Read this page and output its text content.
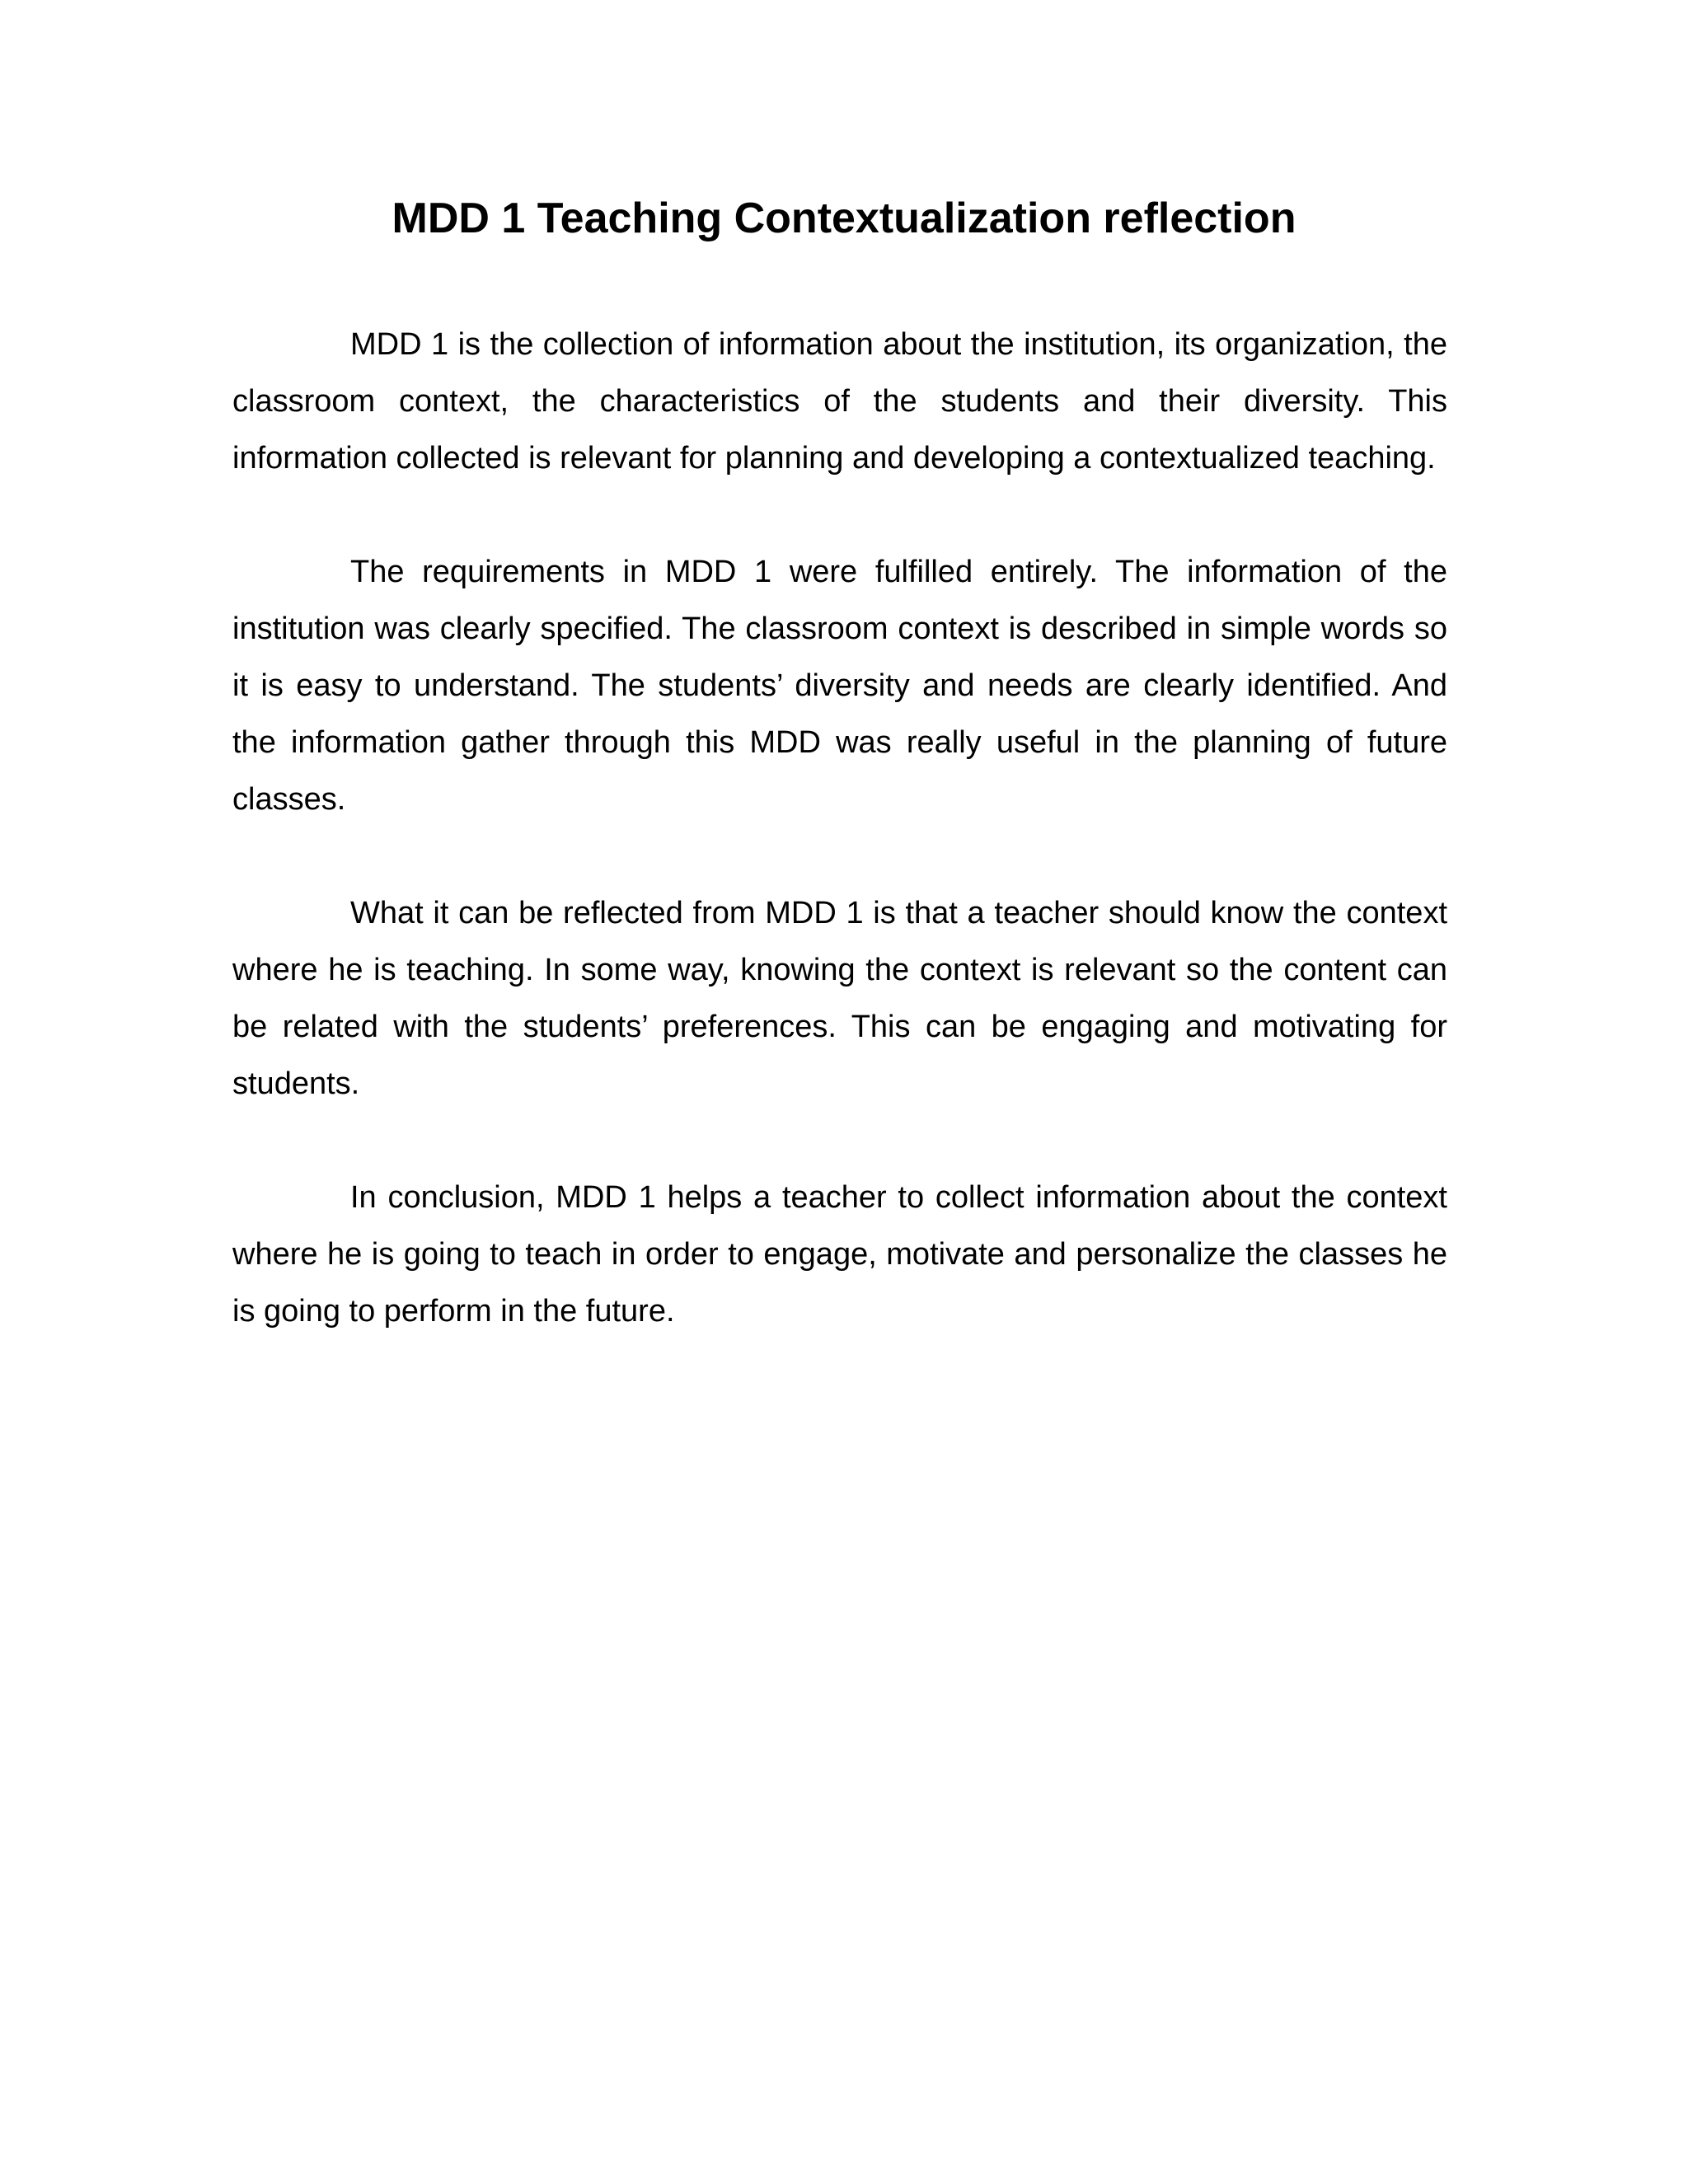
MDD 1 Teaching Contextualization reflection

MDD 1 is the collection of information about the institution, its organization, the classroom context, the characteristics of the students and their diversity. This information collected is relevant for planning and developing a contextualized teaching.

The requirements in MDD 1 were fulfilled entirely. The information of the institution was clearly specified. The classroom context is described in simple words so it is easy to understand. The students’ diversity and needs are clearly identified. And the information gather through this MDD was really useful in the planning of future classes.

What it can be reflected from MDD 1 is that a teacher should know the context where he is teaching. In some way, knowing the context is relevant so the content can be related with the students’ preferences. This can be engaging and motivating for students.

In conclusion, MDD 1 helps a teacher to collect information about the context where he is going to teach in order to engage, motivate and personalize the classes he is going to perform in the future.
